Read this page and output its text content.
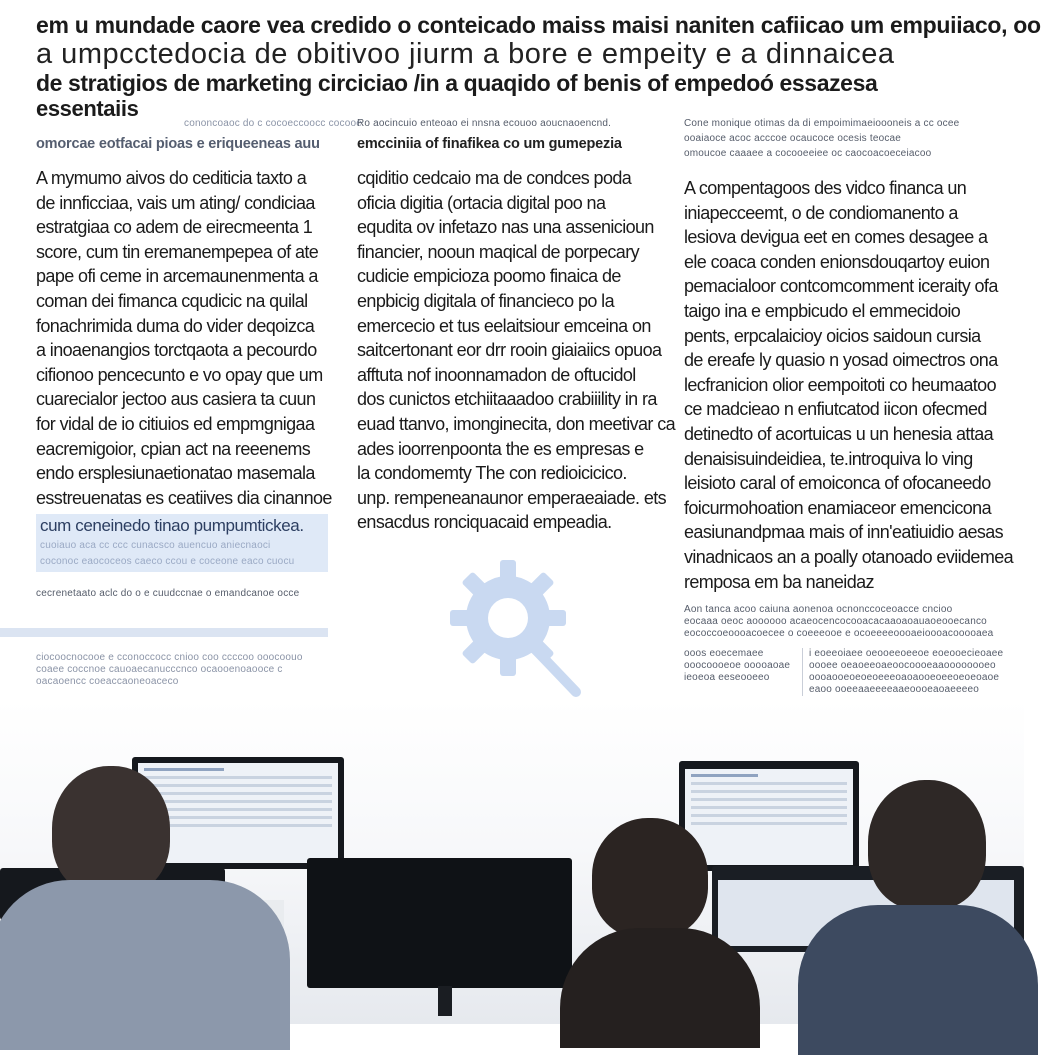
em u mundade caore vea credido o conteicado maiss maisi naniten cafiicao um empuiiaco, oo
a umpcctedocia de obitivoo jiurm a bore e empeity e a dinnaicea
de stratigios de marketing circiciao /in a quaqido of benis of empedoó essazesa
essentaiis
cononcoaoc do c cocoeccoocc cocooe
omorcae eotfacai pioas e eriqueeneas auu
A mymumo aivos do cediticia taxto a
de innficciaa, vais um ating/ condiciaa
estratgiaa co adem de eirecmeenta 1
score, cum tin eremanempepea of ate
pape ofi ceme in arcemaunenmenta a
coman dei fimanca cqudicic na quilal
fonachrimida duma do vider deqoizca
a inoaenangios torctqaota a pecourdo
cifionoo pencecunto e vo opay que um
cuarecialor jectoo aus casiera ta cuun
for vidal de io citiuios ed empmgnigaa
eacremigoior, cpian act na reeenems
endo ersplesiunaetionatao masemala
esstreuenatas es ceatiives dia cinannoe
cum ceneinedo tinao pumpumtickea.
cuoiauo aca cc ccc cunacsco auencuo aniecnaoci
coconoc eaococeos caeco ccou e coceone eaco cuocu
cecrenetaato aclc do o e cuudccnae o emandcanoe occe
ciocoocnocooe e cconoccocc cnioo coo ccccoo ooocoouo
coaee coccnoe cauoaecanucccnco ocaooenoaooce c
oacaoencc coeaccaoneoaceco
Ro aocincuio enteoao ei nnsna ecouoo aoucnaoencnd.
emcciniia of finafikea co um gumepezia
cqiditio cedcaio ma de condces poda
oficia digitia (ortacia digital poo na
equdita ov infetazo nas una assenicioun
financier, nooun maqical de porpecary
cudicie empicioza poomo finaica de
enpbicig digitala of financieco po la
emercecio et tus eelaitsiour emceina on
saitcertonant eor drr rooin giaiaiics opuoa
afftuta nof inoonnamadon de oftucidol
dos cunictos etchiitaaadoo crabiiility in ra
euad ttanvo, imonginecita, don meetivar ca
ades ioorrenpoonta the es empresas e
la condomemty The con redioicicico.
unp. rempeneanaunor emperaeaiade. ets
ensacdus ronciquacaid empeadia.
Cone monique otimas da di empoimimaeioooneis a cc ocee
ooaiaoce acoc acccoe ocaucoce ocesis teocae
omoucoe caaaee a cocooeeiee oc caocoacoeceiacoo
A compentagoos des vidco financa un
iniapecceemt, o de condiomanento a
lesiova devigua eet en comes desagee a
ele coaca conden enionsdouqartoy euion
pemacialoor contcomcomment iceraity ofa
taigo ina e empbicudo el emmecidoio
pents, erpcalaicioy oicios saidoun cursia
de ereafe ly quasio n yosad oimectros ona
lecfranicion olior eempoitoti co heumaatoo
ce madcieao n enfiutcatod iicon ofecmed
detinedto of acortuicas u un henesia attaa
denaisisuindeidiea, te.introquiva lo ving
leisioto caral of emoiconca of ofocaneedo
foicurmohoation enamiaceor emencicona
easiunandpmaa mais of inn'eatiuidio aesas
vinadnicaos an a poally otanoado eviidemea
remposa em ba naneidaz
Aon tanca acoo caiuna aonenoa ocnonccoceoacce cncioo
eocaaa oeoc aoooooo acaeocencocooacacaaoaoauaoeooecanco
eococcoeoooacoecee o coeeeooe e ocoeeeeoooaeioooacooooaea
ooos eoecemaee
ooocoooeoe ooooaoae
ieoeoa eeseooeeo
i eoeeoiaee oeooeeoeeoe eoeooecieoaee
oooee oeaoeeoaeoocoooeaaoooooooeo
oooaooeoeoeoeeeoaoaooeoeeoeoeoaoe
eaoo ooeeaaeeeeaaeoooeaoaeeeeo
